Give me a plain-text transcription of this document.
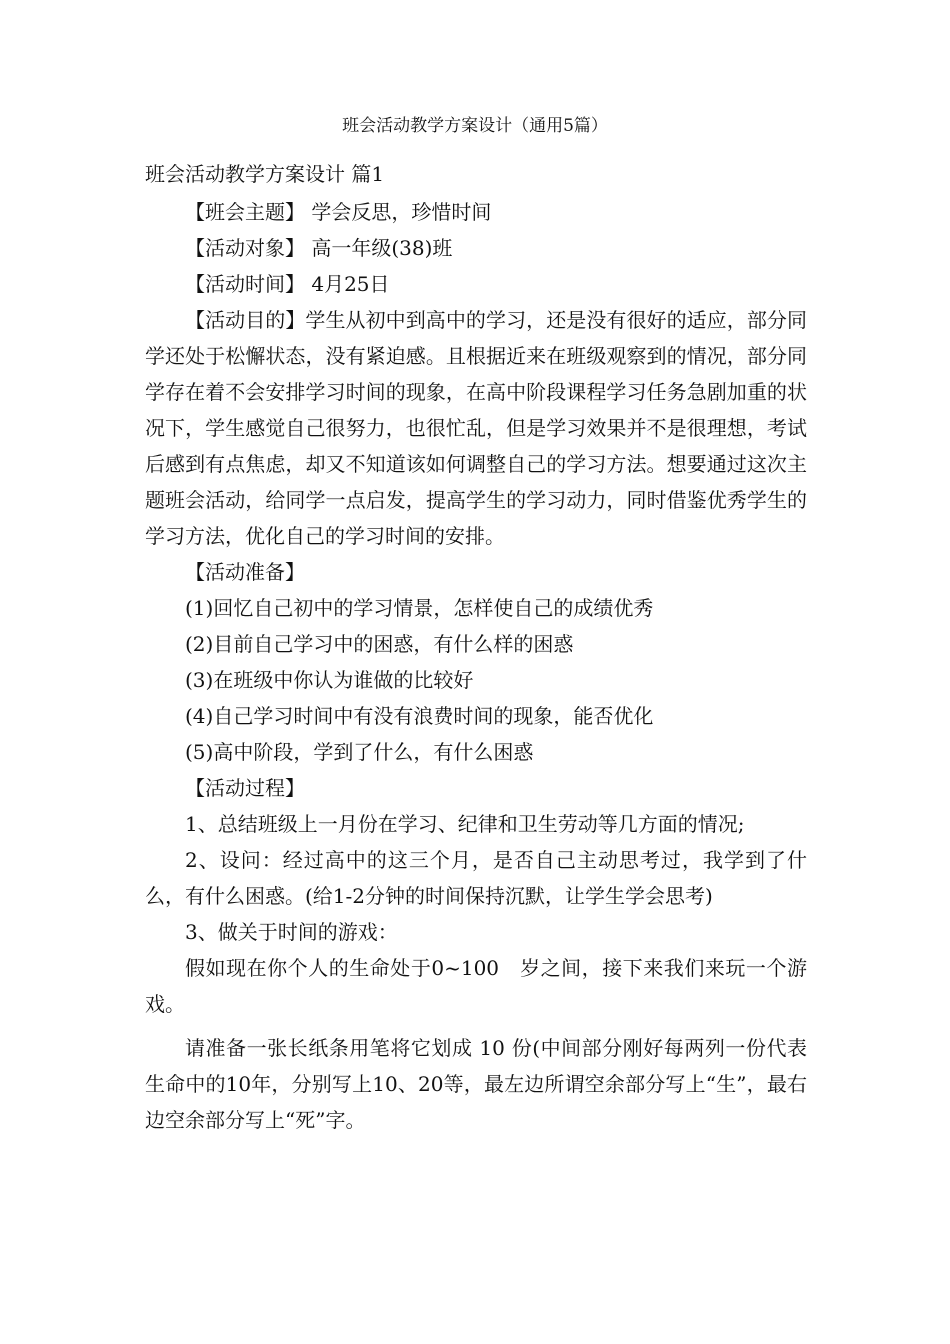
班会活动教学方案设计（通用5篇）
班会活动教学方案设计 篇1

【班会主题】 学会反思，珍惜时间

【活动对象】 高一年级(38)班

【活动时间】 4月25日

【活动目的】学生从初中到高中的学习，还是没有很好的适应，部分同学还处于松懈状态，没有紧迫感。且根据近来在班级观察到的情况，部分同学存在着不会安排学习时间的现象，在高中阶段课程学习任务急剧加重的状况下，学生感觉自己很努力，也很忙乱，但是学习效果并不是很理想，考试后感到有点焦虑，却又不知道该如何调整自己的学习方法。想要通过这次主题班会活动，给同学一点启发，提高学生的学习动力，同时借鉴优秀学生的学习方法，优化自己的学习时间的安排。

【活动准备】

(1)回忆自己初中的学习情景，怎样使自己的成绩优秀

(2)目前自己学习中的困惑，有什么样的困惑

(3)在班级中你认为谁做的比较好

(4)自己学习时间中有没有浪费时间的现象，能否优化

(5)高中阶段，学到了什么，有什么困惑

【活动过程】

1、总结班级上一月份在学习、纪律和卫生劳动等几方面的情况;

2、设问：经过高中的这三个月，是否自己主动思考过，我学到了什么，有什么困惑。(给1-2分钟的时间保持沉默，让学生学会思考)

3、做关于时间的游戏：

假如现在你个人的生命处于0~100　岁之间，接下来我们来玩一个游戏。

请准备一张长纸条用笔将它划成 10 份(中间部分刚好每两列一份代表生命中的10年，分别写上10、20等，最左边所谓空余部分写上“生”，最右边空余部分写上“死”字。
